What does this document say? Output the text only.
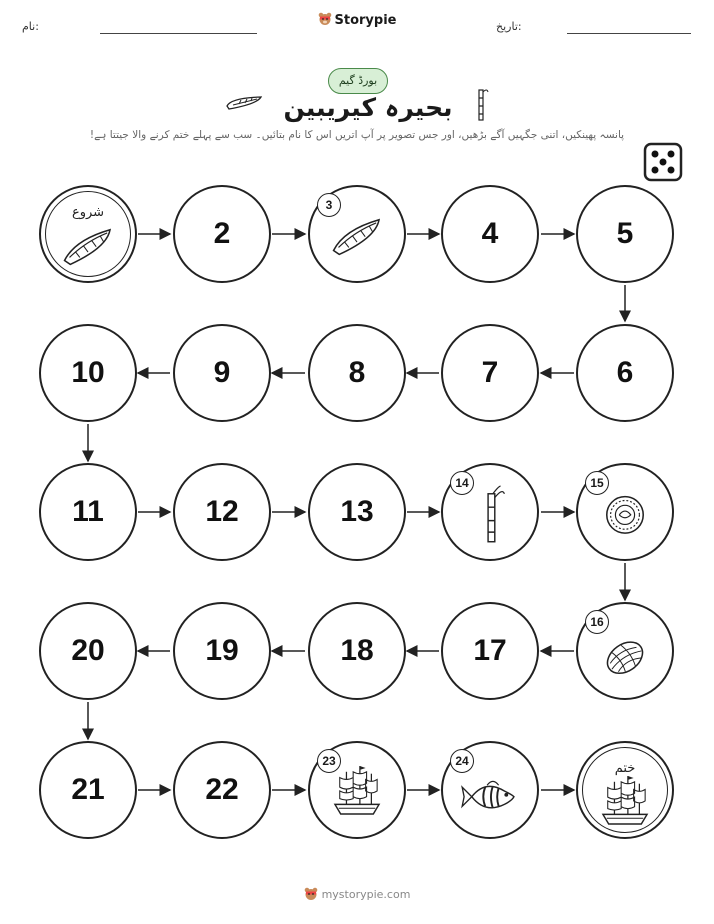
نام:	Storypie	تاریخ:
بورڈ گیم
بحیرہ کیریبین
پانسہ پھینکیں، اتنی جگہیں آگے بڑھیں، اور جس تصویر پر آپ اتریں اس کا نام بتائیں۔ سب سے پہلے ختم کرنے والا جیتتا ہے!
شروع
2
3
4	5
6
7
8
9
10
11	12	13
14	15
16
17
18
19
20
21	22
23	24	ختم
mystorypie.com
